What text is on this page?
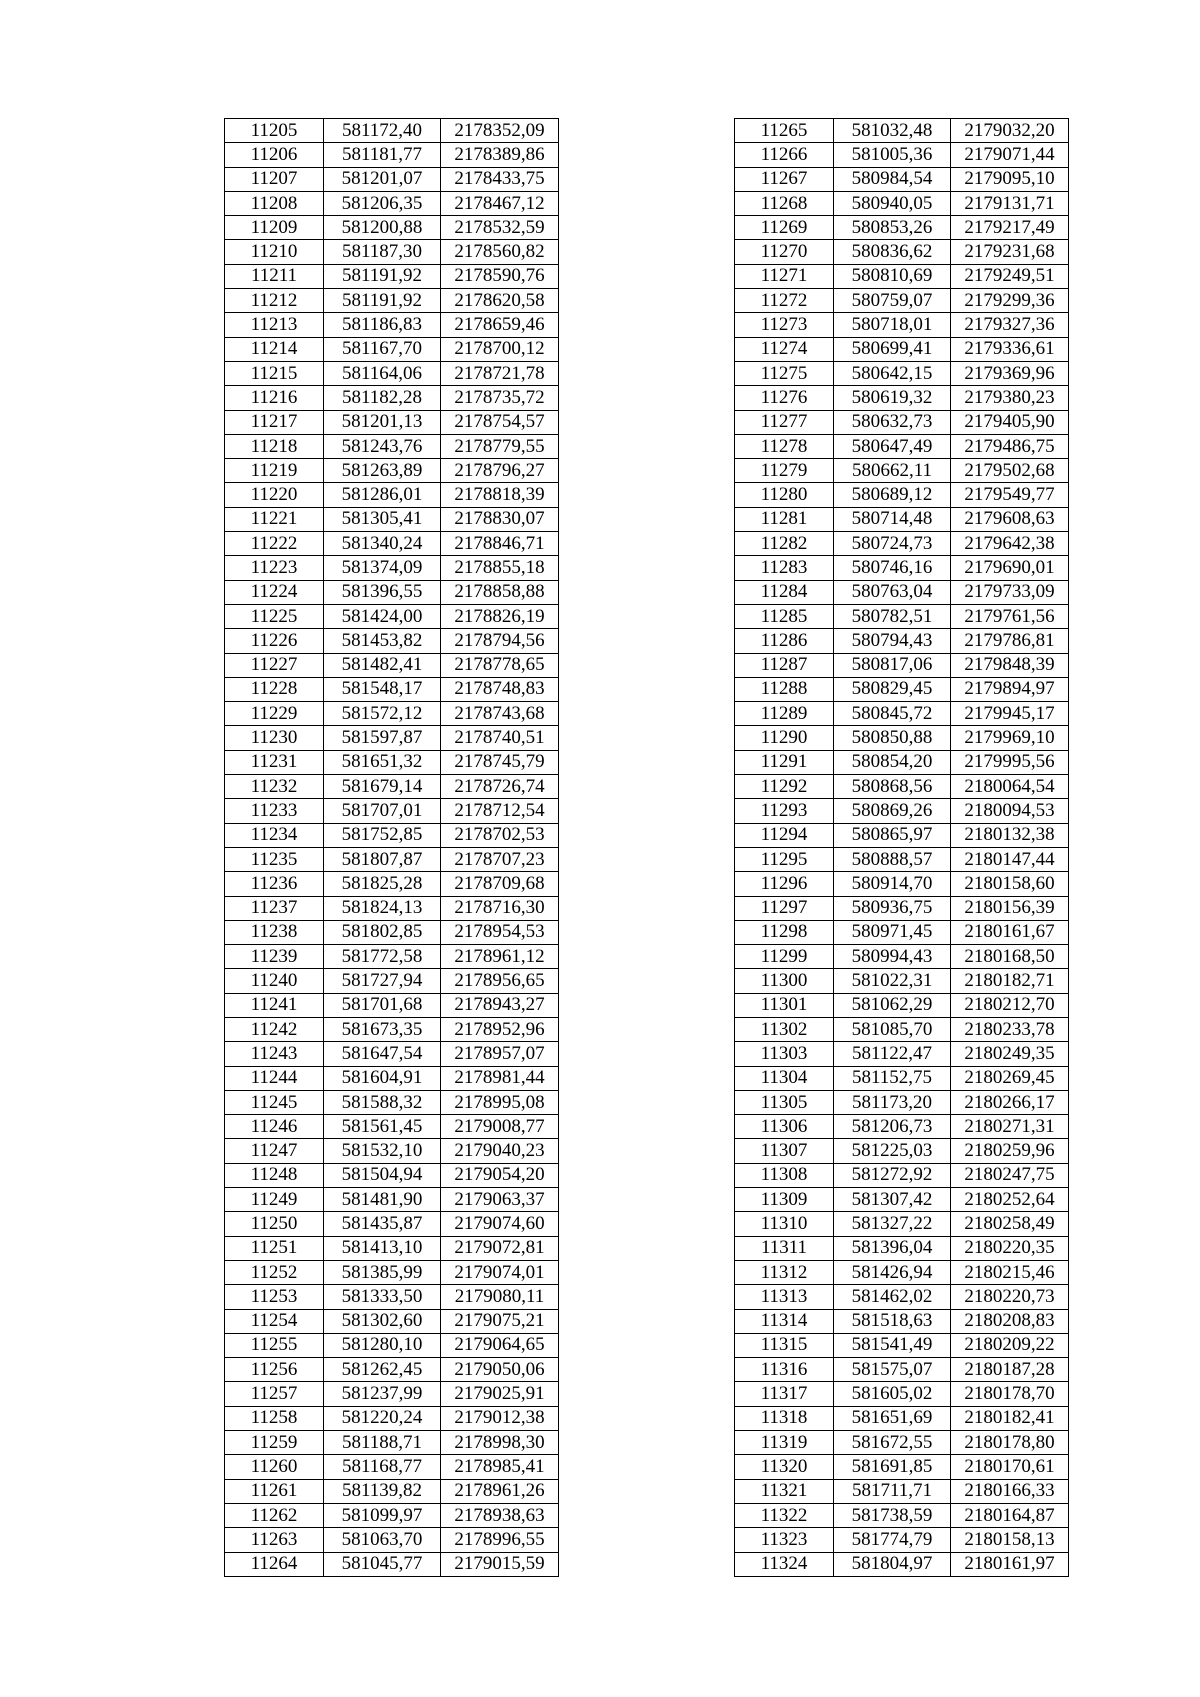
11205	581172,40	2178352,09
11206	581181,77	2178389,86
11207	581201,07	2178433,75
11208	581206,35	2178467,12
11209	581200,88	2178532,59
11210	581187,30	2178560,82
11211	581191,92	2178590,76
11212	581191,92	2178620,58
11213	581186,83	2178659,46
11214	581167,70	2178700,12
11215	581164,06	2178721,78
11216	581182,28	2178735,72
11217	581201,13	2178754,57
11218	581243,76	2178779,55
11219	581263,89	2178796,27
11220	581286,01	2178818,39
11221	581305,41	2178830,07
11222	581340,24	2178846,71
11223	581374,09	2178855,18
11224	581396,55	2178858,88
11225	581424,00	2178826,19
11226	581453,82	2178794,56
11227	581482,41	2178778,65
11228	581548,17	2178748,83
11229	581572,12	2178743,68
11230	581597,87	2178740,51
11231	581651,32	2178745,79
11232	581679,14	2178726,74
11233	581707,01	2178712,54
11234	581752,85	2178702,53
11235	581807,87	2178707,23
11236	581825,28	2178709,68
11237	581824,13	2178716,30
11238	581802,85	2178954,53
11239	581772,58	2178961,12
11240	581727,94	2178956,65
11241	581701,68	2178943,27
11242	581673,35	2178952,96
11243	581647,54	2178957,07
11244	581604,91	2178981,44
11245	581588,32	2178995,08
11246	581561,45	2179008,77
11247	581532,10	2179040,23
11248	581504,94	2179054,20
11249	581481,90	2179063,37
11250	581435,87	2179074,60
11251	581413,10	2179072,81
11252	581385,99	2179074,01
11253	581333,50	2179080,11
11254	581302,60	2179075,21
11255	581280,10	2179064,65
11256	581262,45	2179050,06
11257	581237,99	2179025,91
11258	581220,24	2179012,38
11259	581188,71	2178998,30
11260	581168,77	2178985,41
11261	581139,82	2178961,26
11262	581099,97	2178938,63
11263	581063,70	2178996,55
11264	581045,77	2179015,59
11265	581032,48	2179032,20
11266	581005,36	2179071,44
11267	580984,54	2179095,10
11268	580940,05	2179131,71
11269	580853,26	2179217,49
11270	580836,62	2179231,68
11271	580810,69	2179249,51
11272	580759,07	2179299,36
11273	580718,01	2179327,36
11274	580699,41	2179336,61
11275	580642,15	2179369,96
11276	580619,32	2179380,23
11277	580632,73	2179405,90
11278	580647,49	2179486,75
11279	580662,11	2179502,68
11280	580689,12	2179549,77
11281	580714,48	2179608,63
11282	580724,73	2179642,38
11283	580746,16	2179690,01
11284	580763,04	2179733,09
11285	580782,51	2179761,56
11286	580794,43	2179786,81
11287	580817,06	2179848,39
11288	580829,45	2179894,97
11289	580845,72	2179945,17
11290	580850,88	2179969,10
11291	580854,20	2179995,56
11292	580868,56	2180064,54
11293	580869,26	2180094,53
11294	580865,97	2180132,38
11295	580888,57	2180147,44
11296	580914,70	2180158,60
11297	580936,75	2180156,39
11298	580971,45	2180161,67
11299	580994,43	2180168,50
11300	581022,31	2180182,71
11301	581062,29	2180212,70
11302	581085,70	2180233,78
11303	581122,47	2180249,35
11304	581152,75	2180269,45
11305	581173,20	2180266,17
11306	581206,73	2180271,31
11307	581225,03	2180259,96
11308	581272,92	2180247,75
11309	581307,42	2180252,64
11310	581327,22	2180258,49
11311	581396,04	2180220,35
11312	581426,94	2180215,46
11313	581462,02	2180220,73
11314	581518,63	2180208,83
11315	581541,49	2180209,22
11316	581575,07	2180187,28
11317	581605,02	2180178,70
11318	581651,69	2180182,41
11319	581672,55	2180178,80
11320	581691,85	2180170,61
11321	581711,71	2180166,33
11322	581738,59	2180164,87
11323	581774,79	2180158,13
11324	581804,97	2180161,97
